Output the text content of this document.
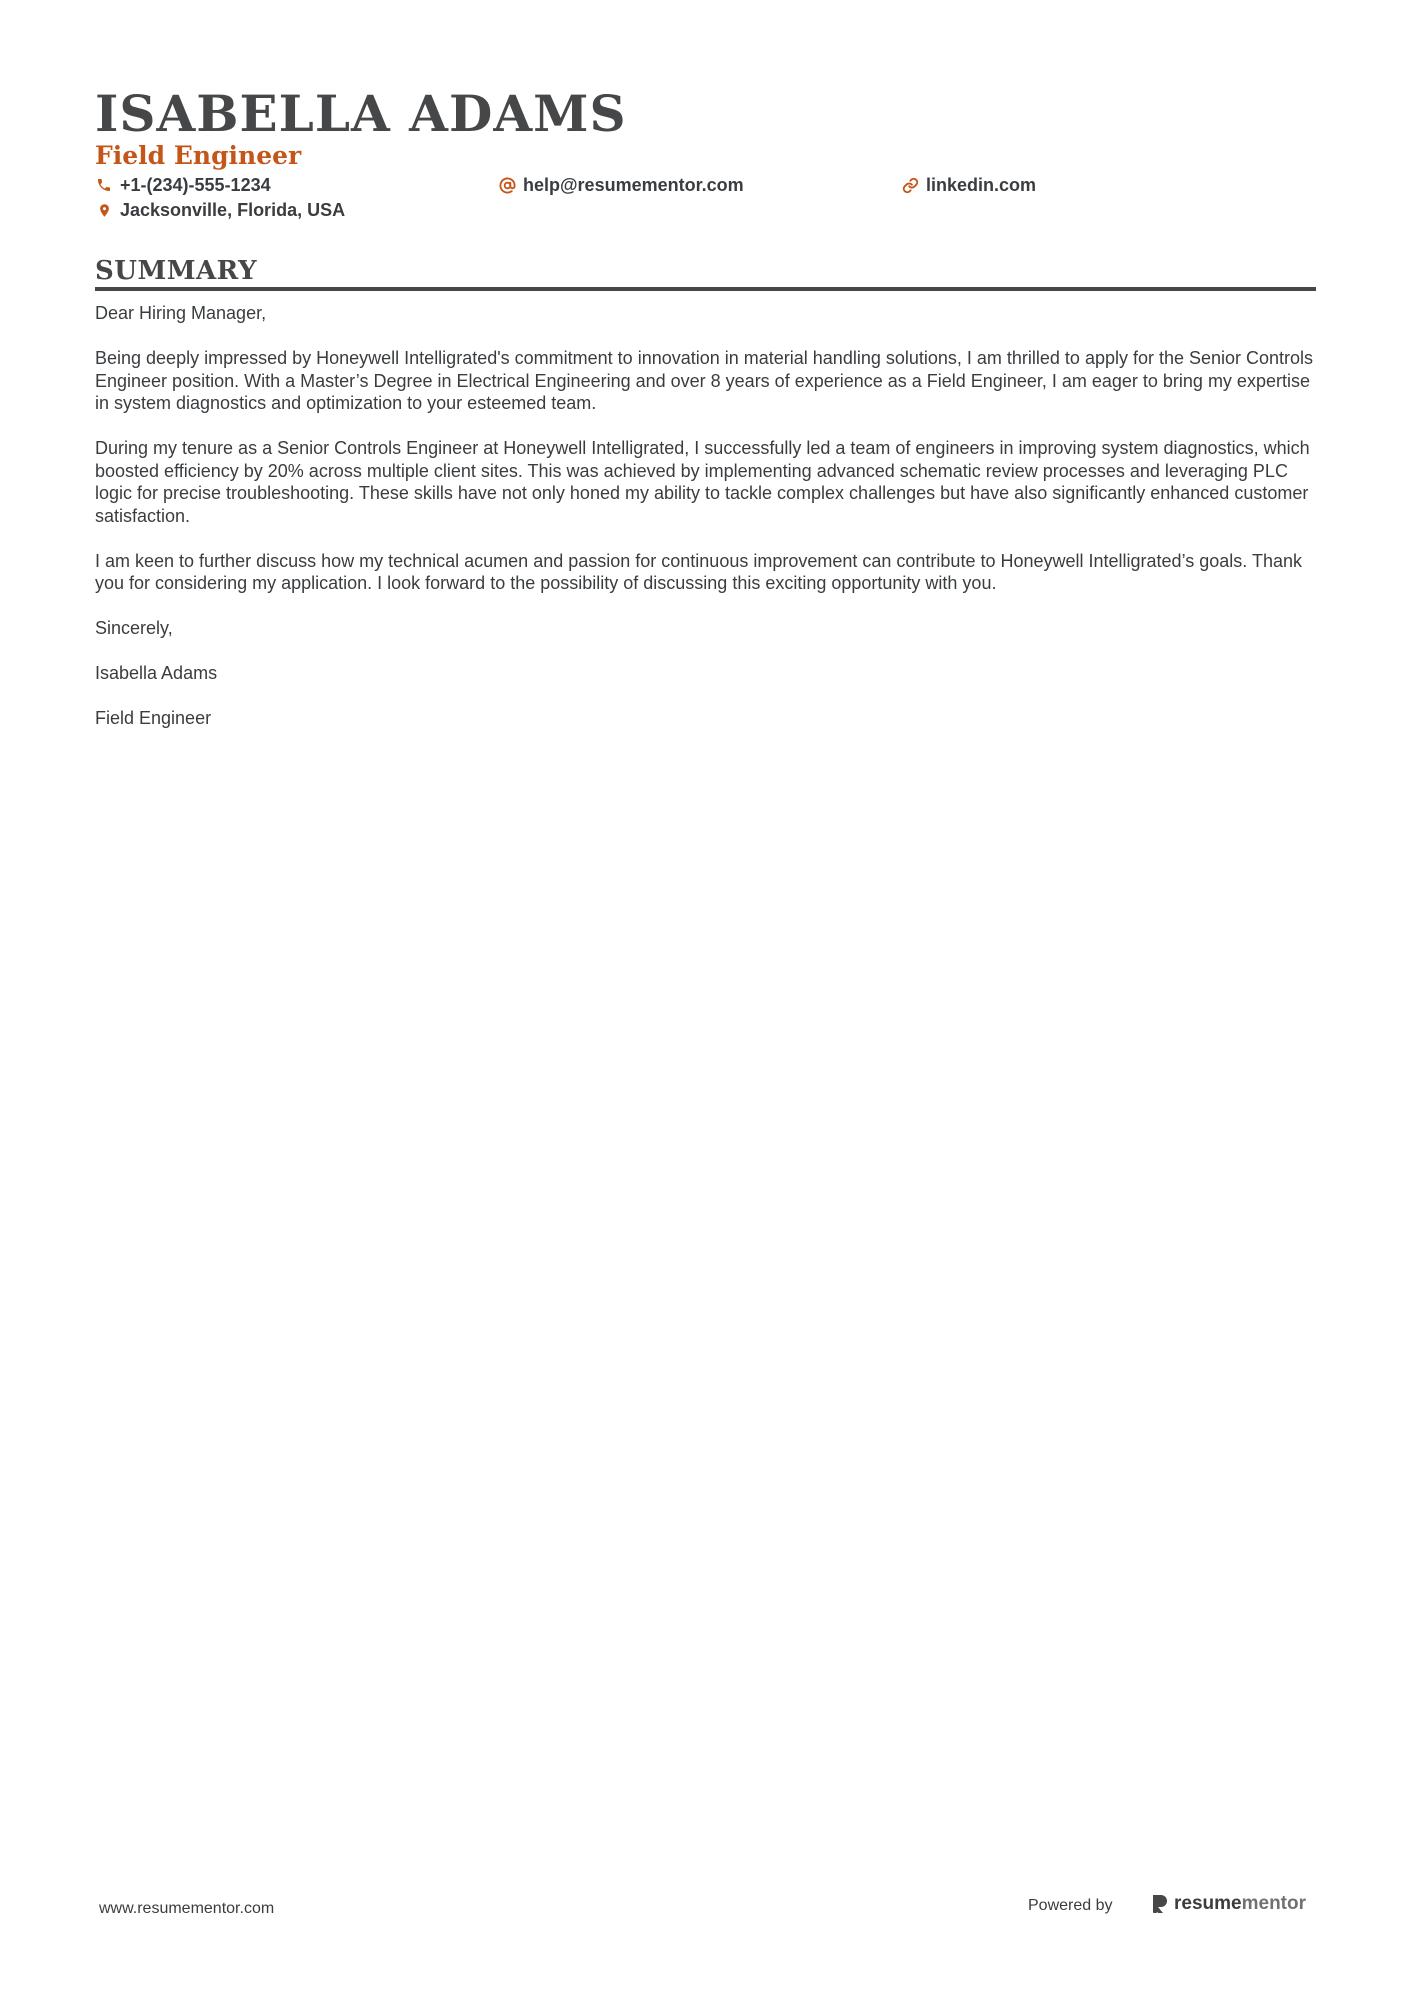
ISABELLA ADAMS
Field Engineer
+1-(234)-555-1234	help@resumementor.com	linkedin.com
Jacksonville, Florida, USA
SUMMARY

Dear Hiring Manager,

Being deeply impressed by Honeywell Intelligrated's commitment to innovation in material handling solutions, I am thrilled to apply for the Senior Controls Engineer position. With a Master’s Degree in Electrical Engineering and over 8 years of experience as a Field Engineer, I am eager to bring my expertise in system diagnostics and optimization to your esteemed team.

During my tenure as a Senior Controls Engineer at Honeywell Intelligrated, I successfully led a team of engineers in improving system diagnostics, which boosted efficiency by 20% across multiple client sites. This was achieved by implementing advanced schematic review processes and leveraging PLC logic for precise troubleshooting. These skills have not only honed my ability to tackle complex challenges but have also significantly enhanced customer satisfaction.

I am keen to further discuss how my technical acumen and passion for continuous improvement can contribute to Honeywell Intelligrated’s goals. Thank you for considering my application. I look forward to the possibility of discussing this exciting opportunity with you.

Sincerely,

Isabella Adams

Field Engineer

www.resumementor.com	Powered by	resume mentor
